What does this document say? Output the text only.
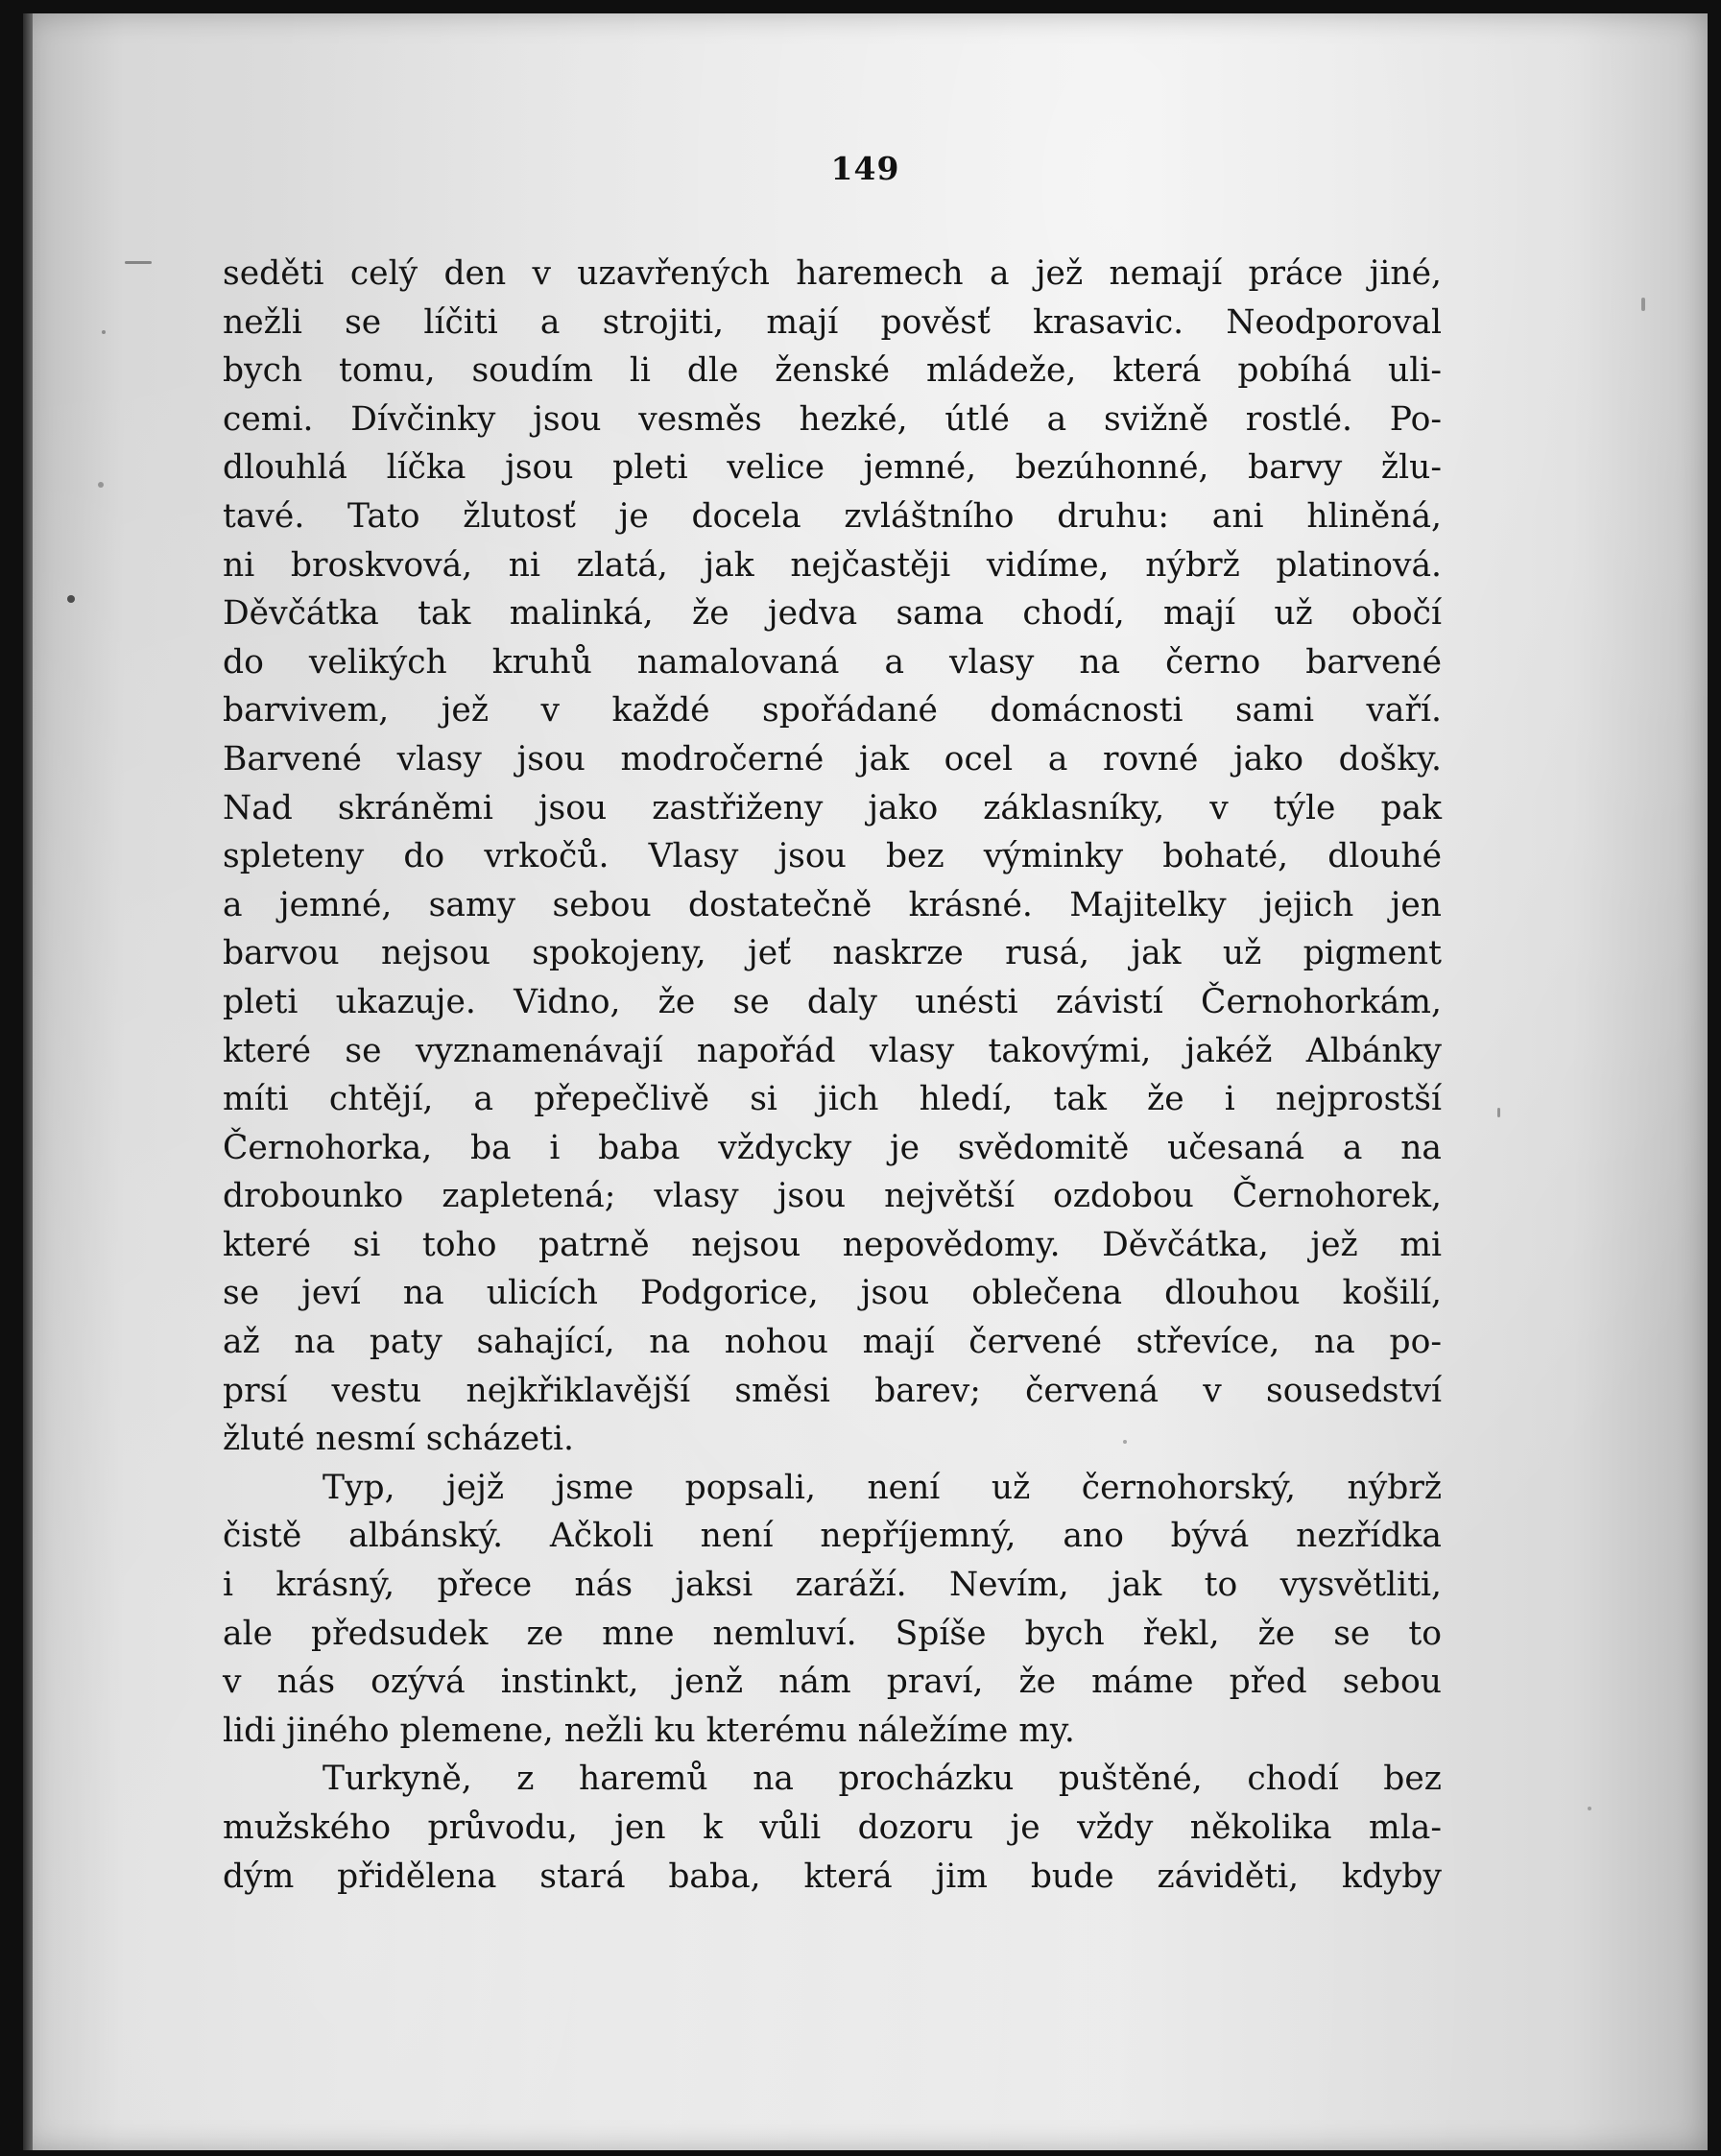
149
seděti celý den v uzavřených haremech a jež nemají práce jiné,
nežli se líčiti a strojiti, mají pověsť krasavic. Neodporoval
bych tomu, soudím li dle ženské mládeže, která pobíhá uli-
cemi. Dívčinky jsou vesměs hezké, útlé a svižně rostlé. Po-
dlouhlá líčka jsou pleti velice jemné, bezúhonné, barvy žlu-
tavé. Tato žlutosť je docela zvláštního druhu: ani hliněná,
ni broskvová, ni zlatá, jak nejčastěji vidíme, nýbrž platinová.
Děvčátka tak malinká, že jedva sama chodí, mají už obočí
do velikých kruhů namalovaná a vlasy na černo barvené
barvivem, jež v každé spořádané domácnosti sami vaří.
Barvené vlasy jsou modročerné jak ocel a rovné jako došky.
Nad skráněmi jsou zastřiženy jako záklasníky, v týle pak
spleteny do vrkočů. Vlasy jsou bez výminky bohaté, dlouhé
a jemné, samy sebou dostatečně krásné. Majitelky jejich jen
barvou nejsou spokojeny, jeť naskrze rusá, jak už pigment
pleti ukazuje. Vidno, že se daly unésti závistí Černohorkám,
které se vyznamenávají napořád vlasy takovými, jakéž Albánky
míti chtějí, a přepečlivě si jich hledí, tak že i nejprostší
Černohorka, ba i baba vždycky je svědomitě učesaná a na
drobounko zapletená; vlasy jsou největší ozdobou Černohorek,
které si toho patrně nejsou nepovědomy. Děvčátka, jež mi
se jeví na ulicích Podgorice, jsou oblečena dlouhou košilí,
až na paty sahající, na nohou mají červené střevíce, na po-
prsí vestu nejkřiklavější směsi barev; červená v sousedství
žluté nesmí scházeti.
Typ, jejž jsme popsali, není už černohorský, nýbrž
čistě albánský. Ačkoli není nepříjemný, ano bývá nezřídka
i krásný, přece nás jaksi zaráží. Nevím, jak to vysvětliti,
ale předsudek ze mne nemluví. Spíše bych řekl, že se to
v nás ozývá instinkt, jenž nám praví, že máme před sebou
lidi jiného plemene, nežli ku kterému náležíme my.
Turkyně, z haremů na procházku puštěné, chodí bez
mužského průvodu, jen k vůli dozoru je vždy několika mla-
dým přidělena stará baba, která jim bude záviděti, kdyby
